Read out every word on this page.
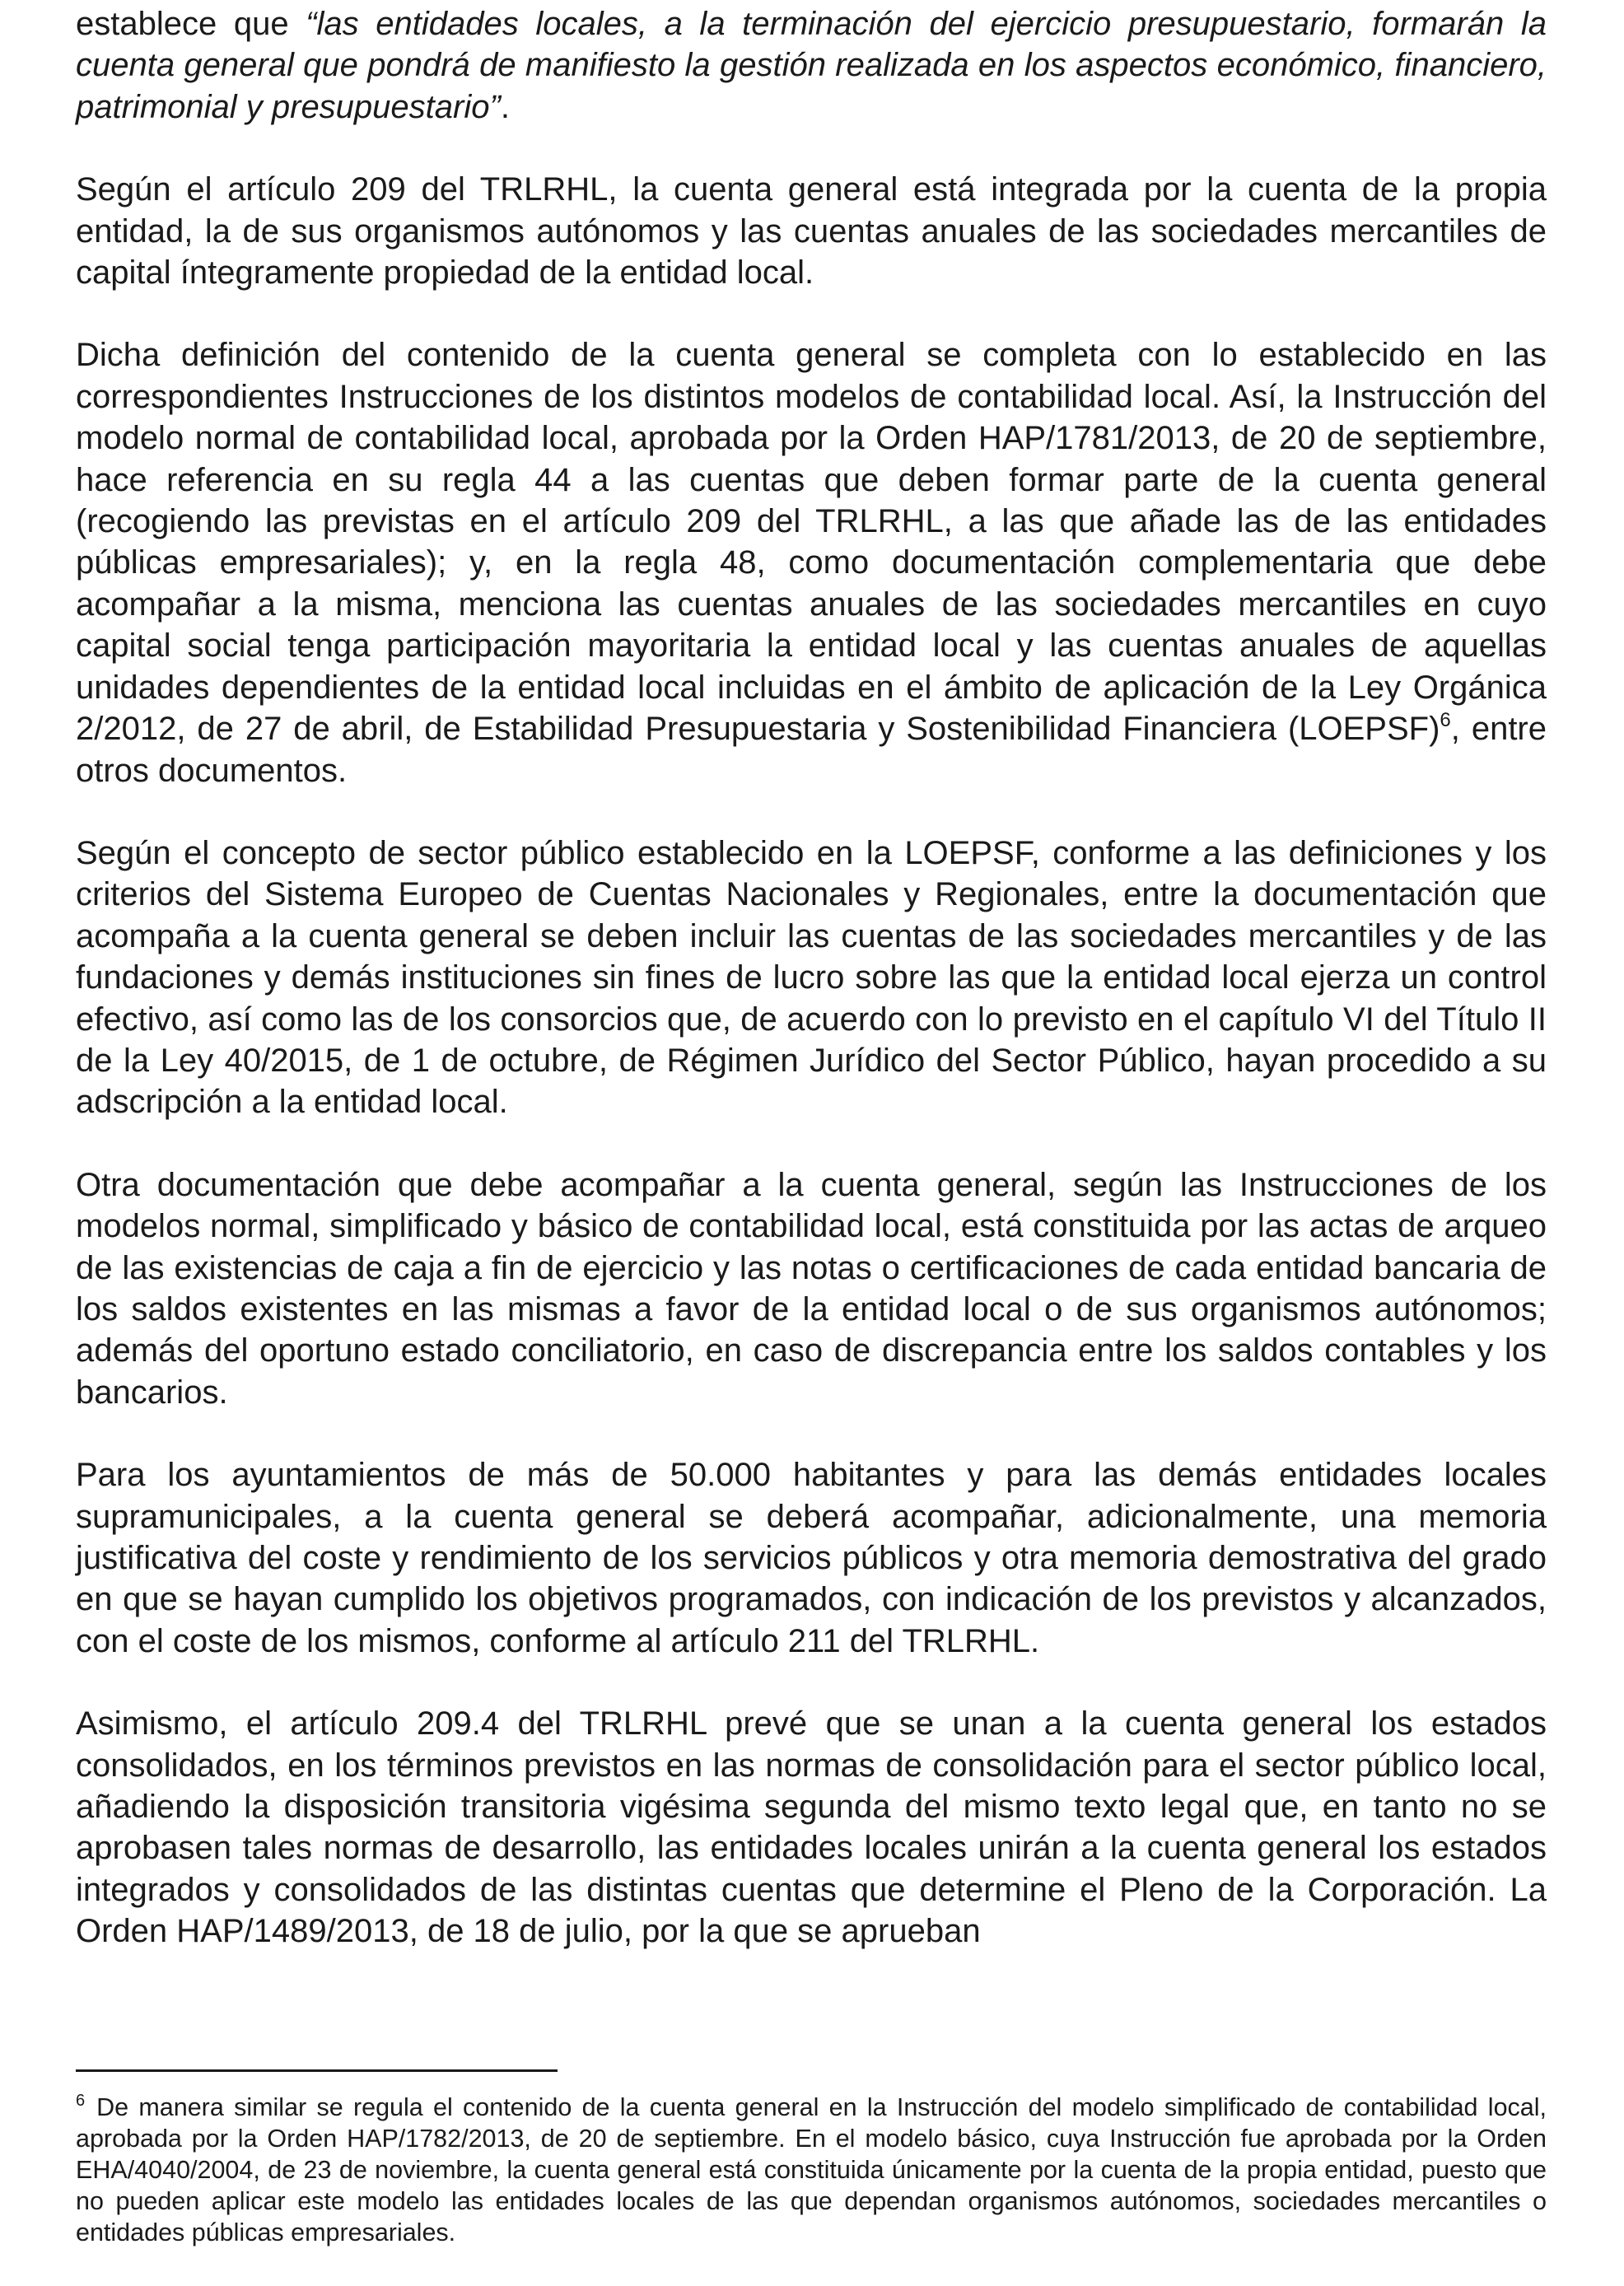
establece que “las entidades locales, a la terminación del ejercicio presupuestario, formarán la cuenta general que pondrá de manifiesto la gestión realizada en los aspectos económico, financiero, patrimonial y presupuestario”.

Según el artículo 209 del TRLRHL, la cuenta general está integrada por la cuenta de la propia entidad, la de sus organismos autónomos y las cuentas anuales de las sociedades mercantiles de capital íntegramente propiedad de la entidad local.

Dicha definición del contenido de la cuenta general se completa con lo establecido en las correspondientes Instrucciones de los distintos modelos de contabilidad local. Así, la Instrucción del modelo normal de contabilidad local, aprobada por la Orden HAP/1781/2013, de 20 de septiembre, hace referencia en su regla 44 a las cuentas que deben formar parte de la cuenta general (recogiendo las previstas en el artículo 209 del TRLRHL, a las que añade las de las entidades públicas empresariales); y, en la regla 48, como documentación complementaria que debe acompañar a la misma, menciona las cuentas anuales de las sociedades mercantiles en cuyo capital social tenga participación mayoritaria la entidad local y las cuentas anuales de aquellas unidades dependientes de la entidad local incluidas en el ámbito de aplicación de la Ley Orgánica 2/2012, de 27 de abril, de Estabilidad Presupuestaria y Sostenibilidad Financiera (LOEPSF)$^6$, entre otros documentos.

Según el concepto de sector público establecido en la LOEPSF, conforme a las definiciones y los criterios del Sistema Europeo de Cuentas Nacionales y Regionales, entre la documentación que acompaña a la cuenta general se deben incluir las cuentas de las sociedades mercantiles y de las fundaciones y demás instituciones sin fines de lucro sobre las que la entidad local ejerza un control efectivo, así como las de los consorcios que, de acuerdo con lo previsto en el capítulo VI del Título II de la Ley 40/2015, de 1 de octubre, de Régimen Jurídico del Sector Público, hayan procedido a su adscripción a la entidad local.

Otra documentación que debe acompañar a la cuenta general, según las Instrucciones de los modelos normal, simplificado y básico de contabilidad local, está constituida por las actas de arqueo de las existencias de caja a fin de ejercicio y las notas o certificaciones de cada entidad bancaria de los saldos existentes en las mismas a favor de la entidad local o de sus organismos autónomos; además del oportuno estado conciliatorio, en caso de discrepancia entre los saldos contables y los bancarios.

Para los ayuntamientos de más de 50.000 habitantes y para las demás entidades locales supramunicipales, a la cuenta general se deberá acompañar, adicionalmente, una memoria justificativa del coste y rendimiento de los servicios públicos y otra memoria demostrativa del grado en que se hayan cumplido los objetivos programados, con indicación de los previstos y alcanzados, con el coste de los mismos, conforme al artículo 211 del TRLRHL.

Asimismo, el artículo 209.4 del TRLRHL prevé que se unan a la cuenta general los estados consolidados, en los términos previstos en las normas de consolidación para el sector público local, añadiendo la disposición transitoria vigésima segunda del mismo texto legal que, en tanto no se aprobasen tales normas de desarrollo, las entidades locales unirán a la cuenta general los estados integrados y consolidados de las distintas cuentas que determine el Pleno de la Corporación. La Orden HAP/1489/2013, de 18 de julio, por la que se aprueban

$^6$ De manera similar se regula el contenido de la cuenta general en la Instrucción del modelo simplificado de contabilidad local, aprobada por la Orden HAP/1782/2013, de 20 de septiembre. En el modelo básico, cuya Instrucción fue aprobada por la Orden EHA/4040/2004, de 23 de noviembre, la cuenta general está constituida únicamente por la cuenta de la propia entidad, puesto que no pueden aplicar este modelo las entidades locales de las que dependan organismos autónomos, sociedades mercantiles o entidades públicas empresariales.
